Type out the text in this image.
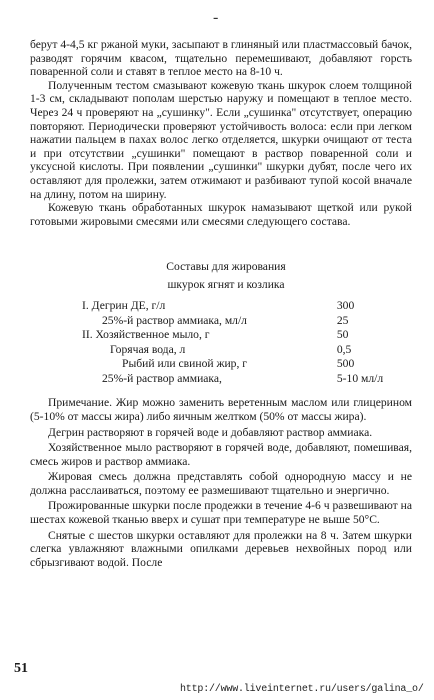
-

берут 4-4,5 кг ржаной муки, засыпают в глиняный или пластмассовый бачок, разводят горячим квасом, тщательно перемешивают, добавляют горсть поваренной соли и ставят в теплое место на 8-10 ч.

Полученным тестом смазывают кожевую ткань шкурок слоем толщиной 1-3 см, складывают пополам шерстью наружу и помещают в теплое место. Через 24 ч проверяют на „сушинку". Если „сушинка" отсутствует, операцию повторяют. Периодически проверяют устойчивость волоса: если при легком нажатии пальцем в пахах волос легко отделяется, шкурки очищают от теста и при отсутствии „сушинки" помещают в раствор поваренной соли и уксусной кислоты. При появлении „сушинки" шкурки дубят, после чего их оставляют для пролежки, затем отжимают и разбивают тупой косой вначале на длину, потом на ширину.

Кожевую ткань обработанных шкурок намазывают щеткой или рукой готовыми жировыми смесями или смесями следующего состава.

Составы для жирования
шкурок ягнят и козлика
I. Дегрин ДЕ, г/л	300
25%-й раствор аммиака, мл/л	25
II. Хозяйственное мыло, г	50
Горячая вода, л	0,5
Рыбий или свиной жир, г	500
25%-й раствор аммиака,	5-10 мл/л

Примечание. Жир можно заменить веретенным маслом или глицерином (5-10% от массы жира) либо яичным желтком (50% от массы жира).

Дегрин растворяют в горячей воде и добавляют раствор аммиака.

Хозяйственное мыло растворяют в горячей воде, добавляют, помешивая, смесь жиров и раствор аммиака.

Жировая смесь должна представлять собой однородную массу и не должна расслаиваться, поэтому ее размешивают тщательно и энергично.

Прожированные шкурки после продежки в течение 4-6 ч развешивают на шестах кожевой тканью вверх и сушат при температуре не выше 50°С.

Снятые с шестов шкурки оставляют для пролежки на 8 ч. Затем шкурки слегка увлажняют влажными опилками деревьев нехвойных пород или сбрызгивают водой. После

51
http://www.liveinternet.ru/users/galina_o/
